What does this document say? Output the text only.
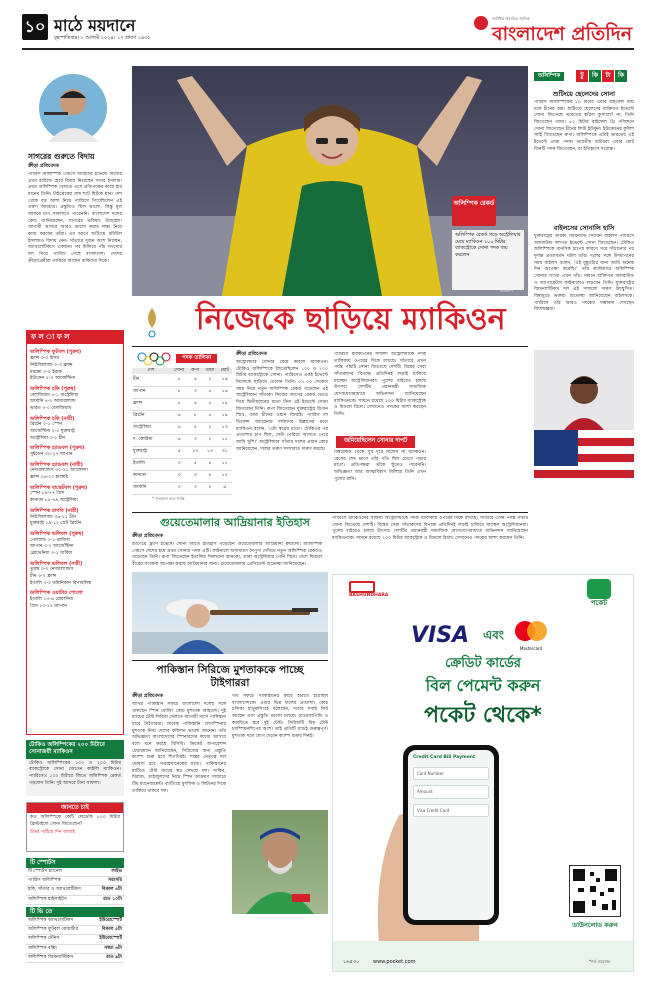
১০ মাঠে ময়দানে
বৃহস্পতিবার। ১ আগস্ট ২০২৪। ১৭ শ্রাবণ ১৪৩১
সর্বাধিক প্রচারিত দৈনিক
বাংলাদেশ প্রতিদিন
সাগরের গুরুতে বিদায়
ক্রীড়া প্রতিবেদক
প্যারিস অলিম্পিক গেমসে আরচারি ইভেন্টে নিজের প্রথম রাউন্ডে হেরে বিদায় নিয়েছেন সাগর ইসলাম। প্রথম অলিম্পিক খেলতে এসে প্রতিপক্ষের কাছে হার মানেন তিনি। টাইব্রেকের শেষ শটে ছিটকে যান। দেশ থেকে বড় আশা নিয়ে প্যারিসে গিয়েছিলেন এই তরুণ আরচার। প্রস্তুতিও ছিল ভালো, কিন্তু মূল আসরে চাপ সামলাতে পারেননি। বাংলাদেশ দলের কোচ জানিয়েছেন, সাগরের ভবিষ্যৎ উজ্জ্বল। আগামী আসরে আরও ভালো করার লক্ষ্য নিয়ে কাজ করবেন তাঁরা। এর আগে শুটিংয়ে রবিউল ইসলামও বিদায় নেন। সাঁতারে দুজন অংশ নিচ্ছেন, অ্যাথলেটিকসে একজন। সব মিলিয়ে পাঁচ সদস্যের দল নিয়ে প্যারিস গেছে বাংলাদেশ। দেশের ক্রীড়াপ্রেমীরা তাকিয়ে আছেন বাকিদের দিকে।
ফ ল া ফ ল
অলিম্পিক ফুটবল (পুরুষ)
ফ্রান্স ৩-০ মিসর
নিউজিল্যান্ড ০-৩ ফ্রান্স
মরক্কো ৩-০ ইরাক
ইউক্রেন ২-০ আর্জেন্টিনা
অলিম্পিক হকি (পুরুষ)
বেলজিয়াম ২-১ অস্ট্রেলিয়া
জার্মানি ৪-২ আয়ারল্যান্ড
ভারত ৩-০ বেলজিয়াম
অলিম্পিক হকি (নারী)
ব্রিটেন ২-১ স্পেন
আর্জেন্টিনা ২-০ যুক্তরাষ্ট্র
অস্ট্রেলিয়া ৩-১ চীন
অলিম্পিক হ্যান্ডবল (পুরুষ)
সুইডেন ৩০-২৭ জাপান
অলিম্পিক হ্যান্ডবল (নারী)
নেদারল্যান্ডস ৩০-২১ অ্যাঙ্গোলা
ফ্রান্স ২৬-২৩ হাঙ্গেরি
অলিম্পিক বাস্কেটবল (পুরুষ)
স্পেন ৮৪-৭৭ গ্রিস
কানাডা ৮৫-৭৯ অস্ট্রেলিয়া
অলিম্পিক রাগবি (নারী)
নিউজিল্যান্ড ৩৬-১২ চীন
যুক্তরাষ্ট্র ১৯-১২ গ্রেট ব্রিটেন
অলিম্পিক ভলিবল (পুরুষ)
পোল্যান্ড ৩-১ ব্রাজিল
জাপান ৩-২ আর্জেন্টিনা
স্লোভেনিয়া ৩-১ সার্বিয়া
অলিম্পিক ভলিবল (নারী)
তুরস্ক ৩-০ নেদারল্যান্ডস
চীন ৩-০ ফ্রান্স
ইতালি ৩-০ ডমিনিকান রিপাবলিক
অলিম্পিক ওয়াটার পোলো
ইতালি ১৩-৬ রোমানিয়া
গ্রিস ১৩-১২ জাপান
টোকিও অলিম্পিকের ২০০ মিটারে সোনাজয়ী ম্যাকিওন
টোকিও অলিম্পিকের ১০০ ও ২০০ মিটার ব্যাকস্ট্রোকে সোনা জেতেন কাইলি ম্যাকিওন। প্যারিসেও ১০০ মিটারে জিতে অলিম্পিক রেকর্ড গড়লেন তিনি। দুই আসরে টানা সাফল্য।
জানতে চাই
কত অলিম্পিকে কেটি লেডেকি ৮০০ মিটার ফ্রিস্টাইলে সোনা জিতেছেন?
উত্তর পাঠিয়ে দিন আজই
টি স্পোর্টস
টি স্পোর্টস চ্যানেল	লাইভ
প্যারিস অলিম্পিক	সরাসরি
হকি, সাঁতার ও অ্যাথলেটিকস	বিকাল ৪টা
অলিম্পিক হাইলাইটস	রাত ১০টা
টি ভি তে
অলিম্পিক অ্যাথলেটিকস	ইউরোস্পোর্ট
অলিম্পিক ফুটবল কোয়ার্টার	বিকাল ৫টা
অলিম্পিক টেনিস	ইউরোস্পোর্ট
অলিম্পিক বক্সিং	সন্ধ্যা ৬টা
অলিম্পিক জিমন্যাস্টিকস	রাত ৯টা
অলিম্পিক রেকর্ড
অলিম্পিক রেকর্ড গড়ে অস্ট্রেলিয়ার মেয়ে ম্যাকিওন ১০০ মিটার ব্যাকস্ট্রোকে সোনা পদক জয় করলেন
এএফপি
নিজেকে ছাড়িয়ে ম্যাকিওন
পদক তালিকা
দেশ	সোনা	রুপা	তামা	মোট
চীন	৮	৬	২	১৬
জাপান	৮	৩	৫	১৬
ফ্রান্স	৮	৬	৫	১৯
ব্রিটেন	৬	৮	৫	১৯
অস্ট্রেলিয়া	৬	৫	২	১৩
দ. কোরিয়া	৬	৩	২	১১
যুক্তরাষ্ট্র	৫	১৩	১৩	৩১
ইতালি	৩	৫	৪	১২
কানাডা	৩	৩	৪	১০
জার্মানি	৩	৩	০	৬
* গতকাল রাত পর্যন্ত
ক্রীড়া প্রতিবেদক
অস্ট্রেলিয়ার সোনার মেয়ে কাইলি ম্যাকিওন। টোকিও অলিম্পিকে জিতেছিলেন ১০০ ও ২০০ মিটার ব্যাকস্ট্রোকে সোনা। প্যারিসেও একই ইভেন্টে নিজেকে ছাড়িয়ে গেলেন তিনি। ৫৭.৩৩ সেকেন্ড সময় নিয়ে নতুন অলিম্পিক রেকর্ড গড়েছেন এই অস্ট্রেলিয়ান সাঁতারু। নিজের আগের রেকর্ড ভেঙে দিয়ে দ্বিতীয়বারের মতো টানা এই ইভেন্টে সোনা জিতলেন তিনি। রুপা জিতেছেন যুক্তরাষ্ট্রের রিগান স্মিথ, তামা চীনের ওয়ান জিয়াই। প্যারিস লা ডিফেন্স অ্যারেনায় দর্শকদের উল্লাসের মধ্যে ম্যাকিওন বলেন, 'এটা স্বপ্নের মতো। টোকিওর পর প্রত্যাশার চাপ ছিল, সেটা পেরিয়ে আসতে পেরে আমি খুশি।' অস্ট্রেলিয়ার সাঁতার দলের প্রধান কোচ জানিয়েছেন, দলের তরুণ সদস্যরাও দারুণ করছে।
প্যারিসে ম্যাকিওনের সাফল্য অস্ট্রেলিয়াকে পদক তালিকায় ওপরের দিকে রাখছে। সাঁতারে এখন পর্যন্ত পাঁচটি সোনা জিতেছে দেশটি। বিশ্বের সেরা সাঁতারুদের বিপক্ষে প্রতিদিনই লড়াই চালিয়ে যাচ্ছেন অস্ট্রেলিয়ানরা। পুলের বাইরেও চলছে উৎসব। দেশটির প্রধানমন্ত্রী সামাজিক যোগাযোগমাধ্যমে অভিনন্দন জানিয়েছেন ম্যাকিওনকে। সামনে রয়েছে ২০০ মিটার ব্যাকস্ট্রোক ও মিডলে রিলে। সেখানেও পদকের আশা করছেন তিনি।
জমিয়েছিলেন সোনার দাপট
বিশ্বরেকর্ড থেকে খুব দূরে ছিলেন না ম্যাকিওন। রেসের শেষ ভাগে তাঁর গতি ছিল চোখে পড়ার মতো। প্রতিপক্ষরা তাঁকে ছুঁতেও পারেননি। অভিজ্ঞতা আর আত্মবিশ্বাস মিলিয়ে তিনি এখন পুলের রানি।
গুয়েতেমালার আদ্রিয়ানার ইতিহাস
ক্রীড়া প্রতিবেদক
শুটিংয়ে ট্র্যাপ ইভেন্টে সোনা জিতে ইতিহাস গড়েছেন গুয়েতেমালার আদ্রিয়ানা রুয়ানো। অলিম্পিক গেমসে দেশের হয়ে প্রথম সোনার পদক এটি। ফাইনালে অসাধারণ নৈপুণ্য দেখিয়ে নতুন অলিম্পিক রেকর্ডও গড়েছেন তিনি। রুপা জিতেছেন ইতালির সিলভানা স্তানকো, তামা অস্ট্রেলিয়ার পেনি স্মিথ। দেশে ফিরলে বীরের সংবর্ধনা অপেক্ষা করছে আদ্রিয়ানার জন্য। গুয়েতেমালার প্রেসিডেন্ট শুভেচ্ছা জানিয়েছেন।
পাকিস্তান সিরিজে মুশতাককে পাচ্ছে টাইগাররা
ক্রীড়া প্রতিবেদক
আসন্ন পাকিস্তান সফরে বাংলাদেশ দলের সঙ্গে থাকছেন স্পিন বোলিং কোচ মুশতাক আহমেদ। দুই ম্যাচের টেস্ট সিরিজ খেলতে আগামী মাসে পাকিস্তান যাবে টাইগাররা। সাবেক পাকিস্তানি লেগস্পিনার মুশতাক নিজ দেশের কন্ডিশন ভালো জানেন। তাঁর অভিজ্ঞতা বাংলাদেশের স্পিনারদের কাজে আসবে বলে মনে করছে বিসিবি। ক্রিকেট অপারেশন্স চেয়ারম্যান জানিয়েছেন, সিরিজের জন্য প্রস্তুতি ক্যাম্প শুরু হবে শিগগিরই। শান্তর নেতৃত্বে দল ঘোষণা হবে সপ্তাহখানেকের মধ্যে। পাকিস্তানের মাটিতে টেস্ট জয়ের স্বপ্ন দেখছে দল। সাকিব, মিরাজ, তাইজুলদের নিয়ে স্পিন আক্রমণ সাজাবে টিম ম্যানেজমেন্ট। ব্যাটিংয়ে মুশফিক ও লিটনের দিকে তাকিয়ে থাকবে দল।
গত সফরে পাকিস্তানের কাছে হারতে হয়েছিল বাংলাদেশকে। এবার ভিন্ন ফলের প্রত্যাশা। কোচ চন্দিকা হাথুরুসিংহে বলেছেন, দলের সবাই ফিট আছেন এবং প্রস্তুতি ভালো চলছে। রাওয়ালপিন্ডি ও করাচিতে হবে দুই টেস্ট। সিরিজটি বিশ্ব টেস্ট চ্যাম্পিয়নশিপের অংশ। তাই প্রতিটি ম্যাচই গুরুত্বপূর্ণ। মুশতাক দলে যোগ দেবেন ক্যাম্প শুরুর দিনই।
প্যারিসে ম্যাকিওনের সাফল্য অস্ট্রেলিয়াকে পদক তালিকায় ওপরের দিকে রাখছে। সাঁতারে এখন পর্যন্ত পাঁচটি সোনা জিতেছে দেশটি। বিশ্বের সেরা সাঁতারুদের বিপক্ষে প্রতিদিনই লড়াই চালিয়ে যাচ্ছেন অস্ট্রেলিয়ানরা। পুলের বাইরেও চলছে উৎসব। দেশটির প্রধানমন্ত্রী সামাজিক যোগাযোগমাধ্যমে অভিনন্দন জানিয়েছেন ম্যাকিওনকে। সামনে রয়েছে ২০০ মিটার ব্যাকস্ট্রোক ও মিডলে রিলে। সেখানেও পদকের আশা করছেন তিনি।
অলিম্পিক	টু কি টা কি
শুটিংয়ে ছেলেদের সোনা
প্যারিস অলিম্পিকের ১০ মিটার এয়ার রাইফেল মিশ্র দলে চীনের জয়। শুটিংয়ে ছেলেদের ব্যক্তিগত ইভেন্টে সোনা জিতেছে ভারতের স্বপ্নিল কুসালে? না, তিনি জিতেছেন তামা। ৫০ মিটার রাইফেল থ্রি পজিশনে সোনা জিতেছেন চীনের লিউ ইউকুন। ইউক্রেনের কুলিশ সার্হি জিতেছেন রুপা। অলিম্পিকে এটাই ভারতের এই ইভেন্টে প্রথম পদক। ভারতীয় শুটাররা এবার মোট তিনটি পদক জিতেছেন, যা ইতিহাসে সর্বোচ্চ।
বাইলসের সোনালি হাসি
যুক্তরাষ্ট্রের তারকা জিমন্যাস্ট সিমোন বাইলস প্যারিসে অলরাউন্ড দলগত ইভেন্টে সোনা জিতেছেন। টোকিও অলিম্পিকে মানসিক চাপের কারণে সরে দাঁড়ানোর পর দুর্দান্ত প্রত্যাবর্তন ঘটল তাঁর। দলের সঙ্গে উদযাপনের সময় বাইলস বলেন, 'এই মুহূর্তটার জন্য আমি অনেক দিন অপেক্ষা করেছি।' তাঁর ক্যারিয়ারে অলিম্পিক সোনার সংখ্যা এখন পাঁচ। সামনে ব্যক্তিগত অলরাউন্ড ও অ্যাপারেটাস ফাইনালেও লড়বেন তিনি। যুক্তরাষ্ট্রের জিমন্যাস্টিকস দল এই সাফল্যে দারুণ উচ্ছ্বসিত। বিশ্বজুড়ে ভক্তরা শুভেচ্ছা জানিয়েছেন বাইলসকে। প্যারিসে তাঁর আরও পদকের সম্ভাবনা দেখছেন বিশেষজ্ঞরা।
BASHUNDHARA
পকেট
VISA এবং
Mastercard
ক্রেডিট কার্ডের
বিল পেমেন্ট করুন
পকেট থেকে*
Credit Card Bill Payment
Card Number
Amount
Visa Credit Card
ডাউনলোড করুন
১৬৫৩০	www.pocket.com	*শর্ত প্রযোজ্য
